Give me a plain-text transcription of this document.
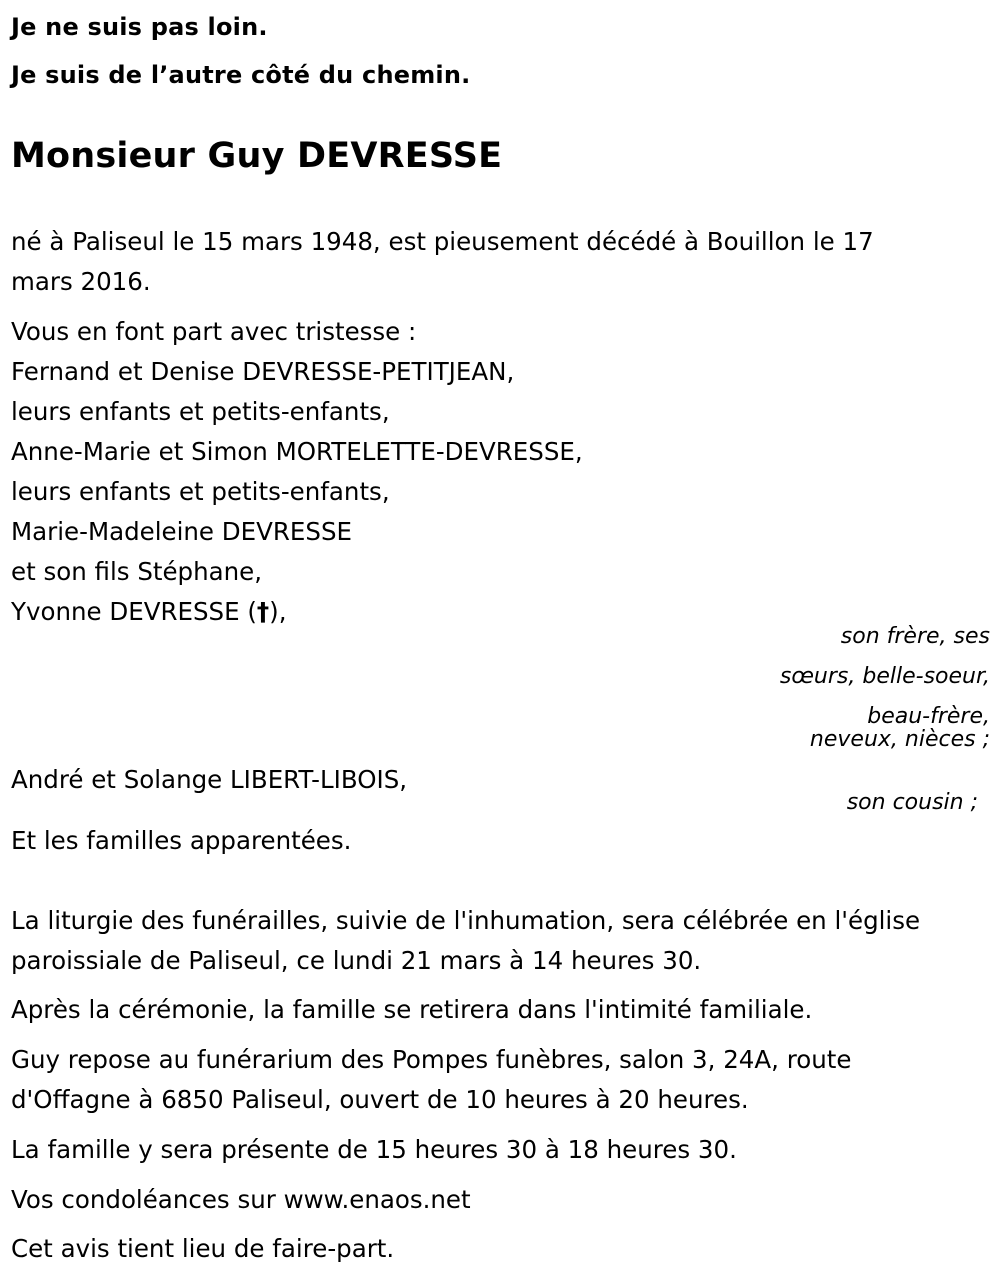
Je ne suis pas loin.

Je suis de l’autre côté du chemin.

Monsieur Guy DEVRESSE

né à Paliseul le 15 mars 1948, est pieusement décédé à Bouillon le 17

mars 2016.

Vous en font part avec tristesse :

Fernand et Denise DEVRESSE-PETITJEAN,

leurs enfants et petits-enfants,

Anne-Marie et Simon MORTELETTE-DEVRESSE,

leurs enfants et petits-enfants,

Marie-Madeleine DEVRESSE

et son fils Stéphane,

Yvonne DEVRESSE (†),

son frère, ses

sœurs, belle-soeur,

beau-frère,

neveux, nièces ;

André et Solange LIBERT-LIBOIS,

son cousin ;

Et les familles apparentées.

La liturgie des funérailles, suivie de l'inhumation, sera célébrée en l'église

paroissiale de Paliseul, ce lundi 21 mars à 14 heures 30.

Après la cérémonie, la famille se retirera dans l'intimité familiale.

Guy repose au funérarium des Pompes funèbres, salon 3, 24A, route

d'Offagne à 6850 Paliseul, ouvert de 10 heures à 20 heures.

La famille y sera présente de 15 heures 30 à 18 heures 30.

Vos condoléances sur www.enaos.net

Cet avis tient lieu de faire-part.
